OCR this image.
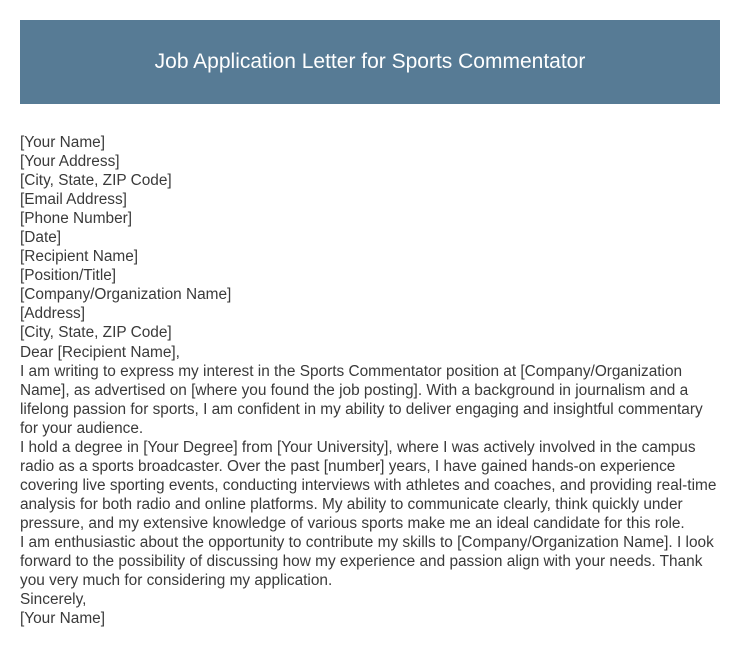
Job Application Letter for Sports Commentator
[Your Name]
[Your Address]
[City, State, ZIP Code]
[Email Address]
[Phone Number]
[Date]
[Recipient Name]
[Position/Title]
[Company/Organization Name]
[Address]
[City, State, ZIP Code]
Dear [Recipient Name],

I am writing to express my interest in the Sports Commentator position at [Company/Organization Name], as advertised on [where you found the job posting]. With a background in journalism and a lifelong passion for sports, I am confident in my ability to deliver engaging and insightful commentary for your audience.

I hold a degree in [Your Degree] from [Your University], where I was actively involved in the campus radio as a sports broadcaster. Over the past [number] years, I have gained hands-on experience covering live sporting events, conducting interviews with athletes and coaches, and providing real-time analysis for both radio and online platforms. My ability to communicate clearly, think quickly under pressure, and my extensive knowledge of various sports make me an ideal candidate for this role.

I am enthusiastic about the opportunity to contribute my skills to [Company/Organization Name]. I look forward to the possibility of discussing how my experience and passion align with your needs. Thank you very much for considering my application.

Sincerely,
[Your Name]
